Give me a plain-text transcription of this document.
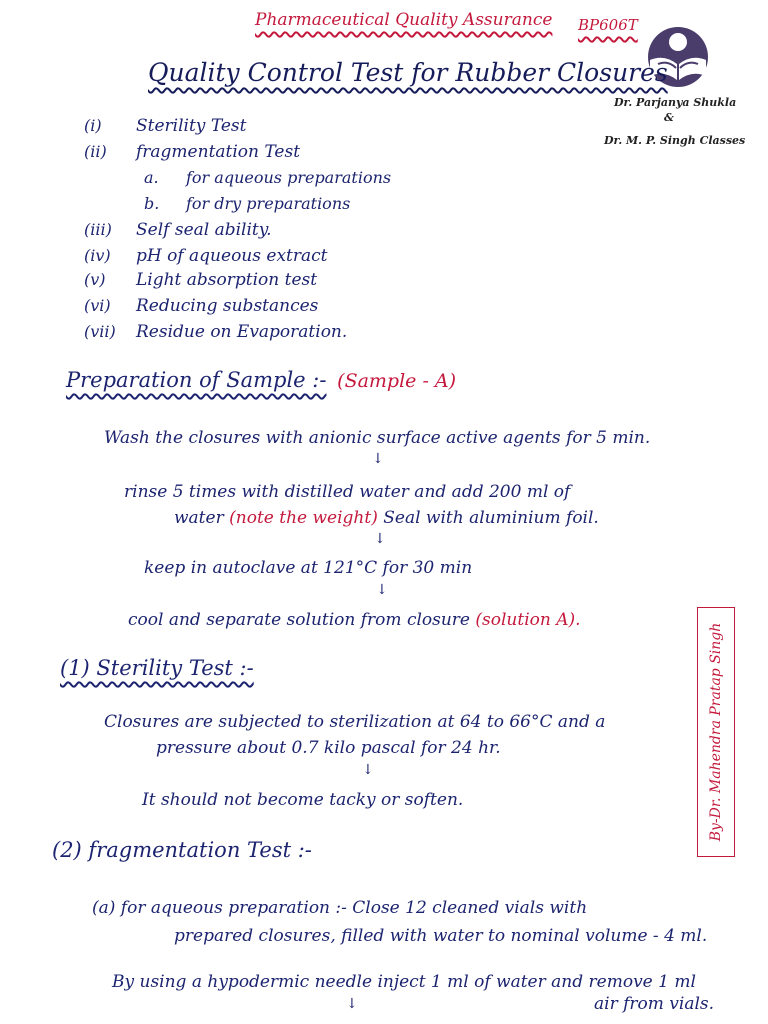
Pharmaceutical Quality Assurance BP606T
Dr. Parjanya Shukla
&
Dr. M. P. Singh Classes
Quality Control Test for Rubber Closures
(i) Sterility Test
(ii) fragmentation Test
a. for aqueous preparations
b. for dry preparations
(iii) Self seal ability.
(iv) pH of aqueous extract
(v) Light absorption test
(vi) Reducing substances
(vii) Residue on Evaporation.
Preparation of Sample :- (Sample - A)
Wash the closures with anionic surface active agents for 5 min.
↓
rinse 5 times with distilled water and add 200 ml of
water (note the weight) Seal with aluminium foil.
↓
keep in autoclave at 121°C for 30 min
↓
cool and separate solution from closure (solution A).
(1) Sterility Test :-
Closures are subjected to sterilization at 64 to 66°C and a
pressure about 0.7 kilo pascal for 24 hr.
↓
It should not become tacky or soften.	By-Dr. Mahendra Pratap Singh
(2) fragmentation Test :-
(a) for aqueous preparation :- Close 12 cleaned vials with
prepared closures, filled with water to nominal volume - 4 ml.
By using a hypodermic needle inject 1 ml of water and remove 1 ml
↓	air from vials.
